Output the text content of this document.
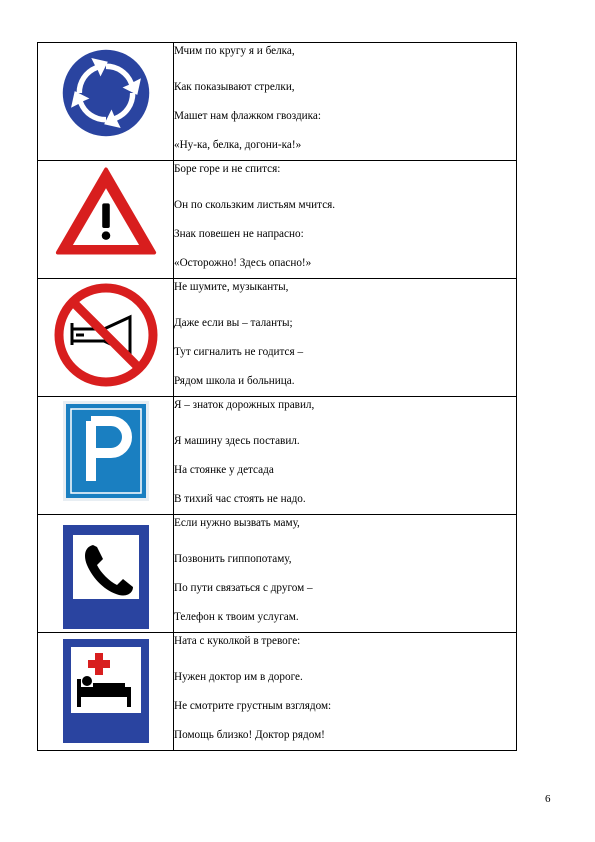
Мчим по кругу я и белка,
Как показывают стрелки,
Машет нам флажком гвоздика:
«Ну-ка, белка, догони-ка!»

Боре горе и не спится:
Он по скользким листьям мчится.
Знак повешен не напрасно:
«Осторожно! Здесь опасно!»

Не шумите, музыканты,
Даже если вы – таланты;
Тут сигналить не годится –
Рядом школа и больница.

Я – знаток дорожных правил,
Я машину здесь поставил.
На стоянке у детсада
В тихий час стоять не надо.

Если нужно вызвать маму,
Позвонить гиппопотаму,
По пути связаться с другом –
Телефон к твоим услугам.

Ната с куколкой в тревоге:
Нужен доктор им в дороге.
Не смотрите грустным взглядом:
Помощь близко! Доктор рядом!
6
